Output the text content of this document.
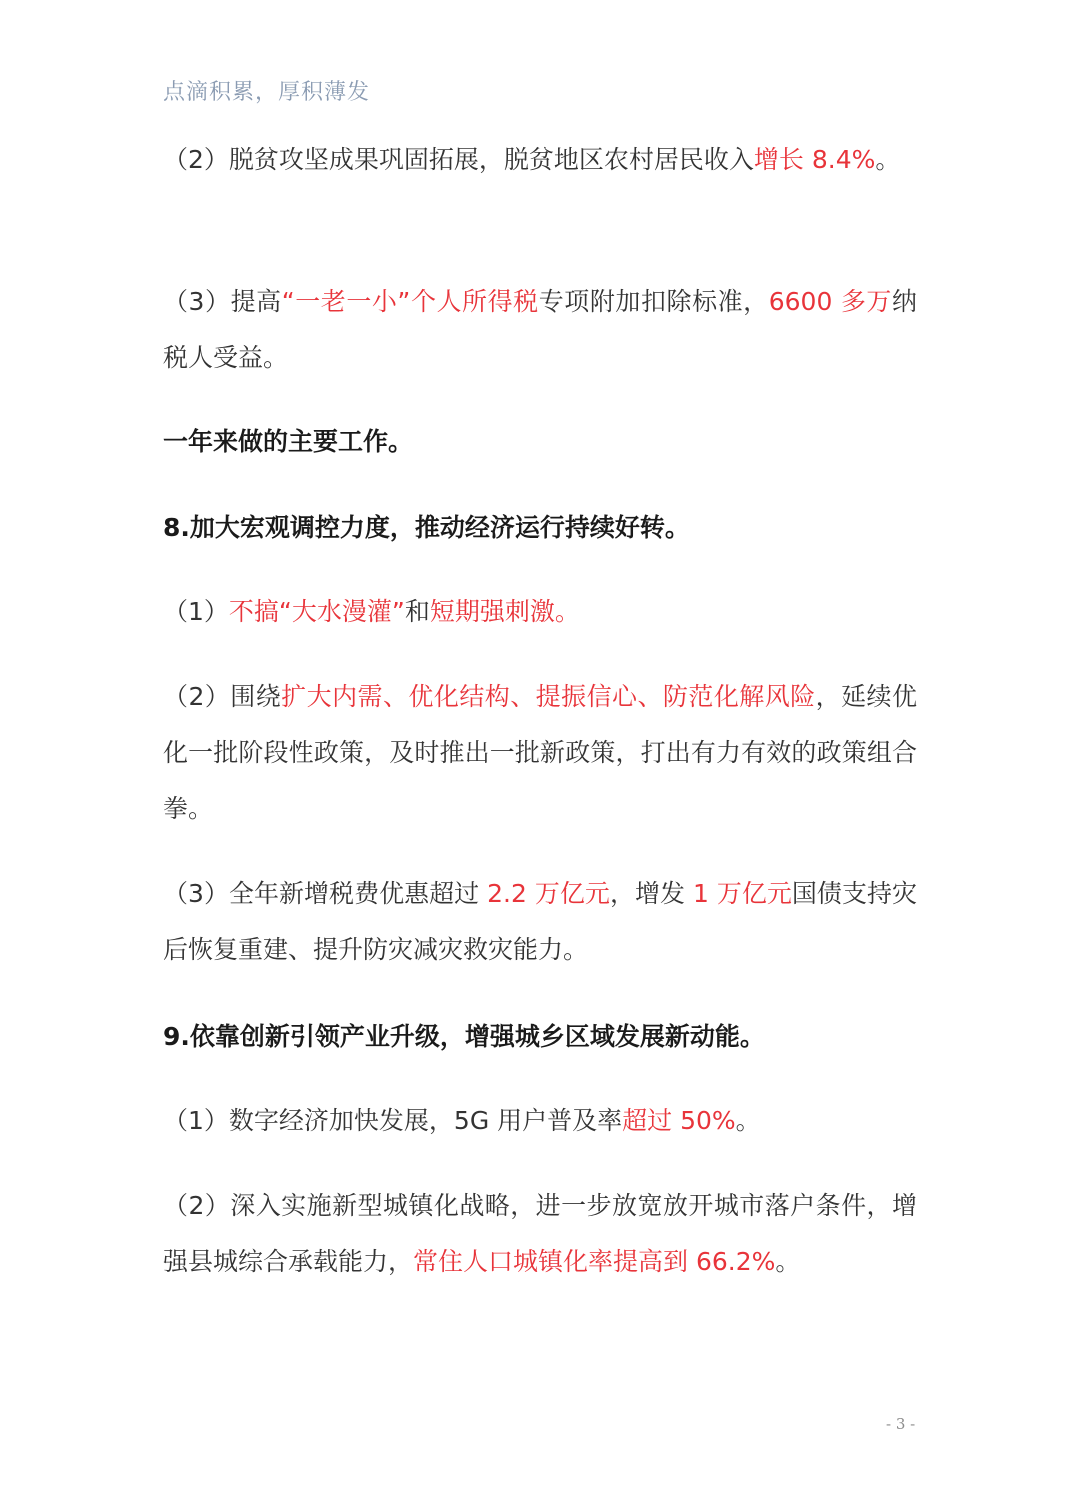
点滴积累，厚积薄发

（2）脱贫攻坚成果巩固拓展，脱贫地区农村居民收入增长 8.4%。

（3）提高“一老一小”个人所得税专项附加扣除标准，6600 多万纳税人受益。

一年来做的主要工作。

8.加大宏观调控力度，推动经济运行持续好转。

（1）不搞“大水漫灌”和短期强刺激。

（2）围绕扩大内需、优化结构、提振信心、防范化解风险，延续优化一批阶段性政策，及时推出一批新政策，打出有力有效的政策组合拳。

（3）全年新增税费优惠超过 2.2 万亿元，增发 1 万亿元国债支持灾后恢复重建、提升防灾减灾救灾能力。

9.依靠创新引领产业升级，增强城乡区域发展新动能。

（1）数字经济加快发展，5G 用户普及率超过 50%。

（2）深入实施新型城镇化战略，进一步放宽放开城市落户条件，增强县城综合承载能力，常住人口城镇化率提高到 66.2%。

- 3 -
